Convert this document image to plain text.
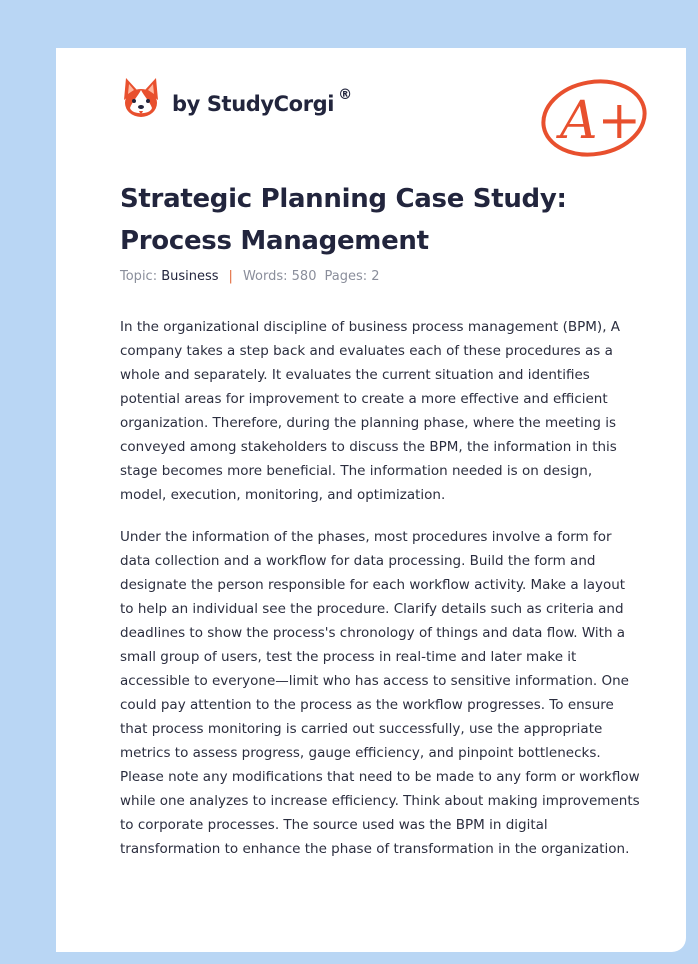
by StudyCorgi ®	A+
Strategic Planning Case Study: Process Management
Topic:
Business | Words:
580 Pages:
2

In the organizational discipline of business process management (BPM), A company takes a step back and evaluates each of these procedures as a whole and separately. It evaluates the current situation and identifies potential areas for improvement to create a more effective and efficient organization. Therefore, during the planning phase, where the meeting is conveyed among stakeholders to discuss the BPM, the information in this stage becomes more beneficial. The information needed is on design, model, execution, monitoring, and optimization.

Under the information of the phases, most procedures involve a form for data collection and a workflow for data processing. Build the form and designate the person responsible for each workflow activity. Make a layout to help an individual see the procedure. Clarify details such as criteria and deadlines to show the process's chronology of things and data flow. With a small group of users, test the process in real-time and later make it accessible to everyone—limit who has access to sensitive information. One could pay attention to the process as the workflow progresses. To ensure that process monitoring is carried out successfully, use the appropriate metrics to assess progress, gauge efficiency, and pinpoint bottlenecks. Please note any modifications that need to be made to any form or workflow while one analyzes to increase efficiency. Think about making improvements to corporate processes. The source used was the BPM in digital transformation to enhance the phase of transformation in the organization.
